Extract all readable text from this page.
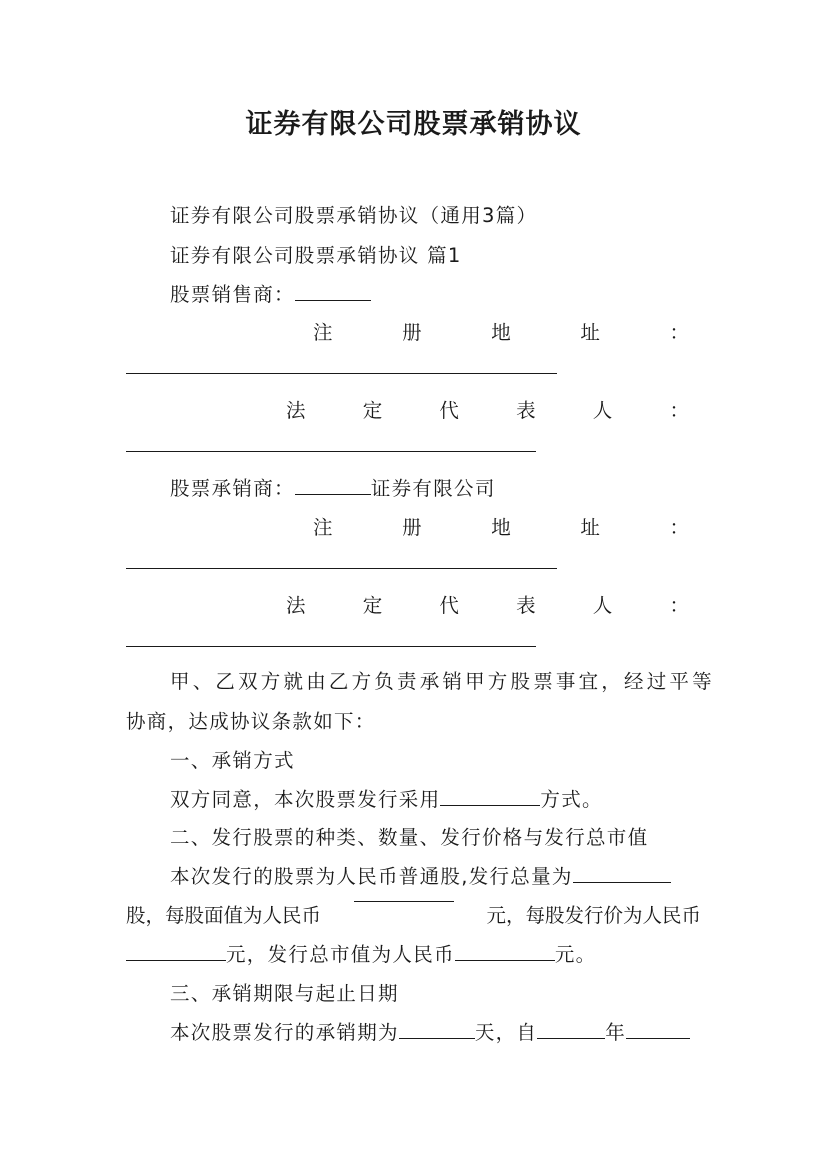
证券有限公司股票承销协议
证券有限公司股票承销协议（通用3篇）
证券有限公司股票承销协议 篇1
股票销售商：
注	册	地	址	：
法	定	代	表	人	：
股票承销商：	证券有限公司
注	册	地	址	：
法	定	代	表	人	：
甲、乙双方就由乙方负责承销甲方股票事宜，经过平等
协商，达成协议条款如下：
一、承销方式
双方同意，本次股票发行采用	方式。
二、发行股票的种类、数量、发行价格与发行总市值
本次发行的股票为人民币普通股,发行总量为
股，每股面值为人民币	元，每股发行价为人民币
元，发行总市值为人民币	元。
三、承销期限与起止日期
本次股票发行的承销期为	天，自	年
